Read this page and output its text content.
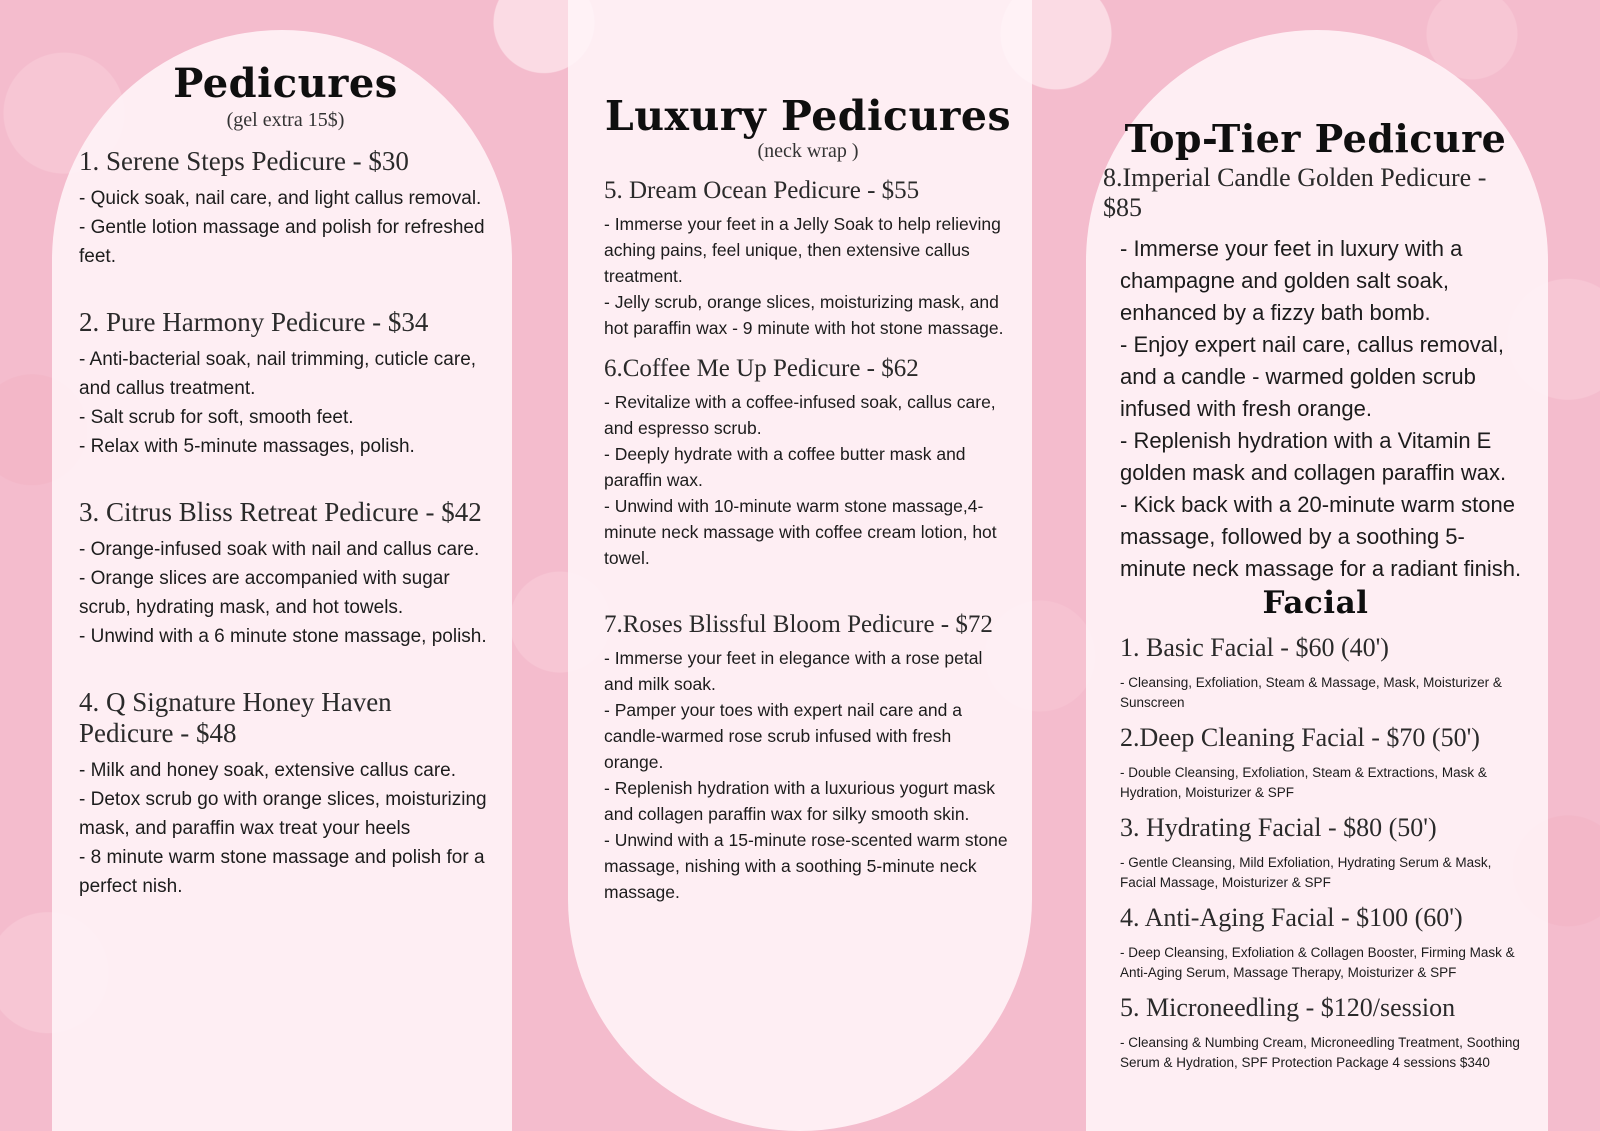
Pedicures

(gel extra 15$)

1. Serene Steps Pedicure - $30

- Quick soak, nail care, and light callus removal.

- Gentle lotion massage and polish for refreshed feet.

2. Pure Harmony Pedicure - $34

- Anti-bacterial soak, nail trimming, cuticle care, and callus treatment.

- Salt scrub for soft, smooth feet.

- Relax with 5-minute massages, polish.

3. Citrus Bliss Retreat Pedicure - $42

- Orange-infused soak with nail and callus care.

- Orange slices are accompanied with sugar scrub, hydrating mask, and hot towels.

- Unwind with a 6 minute stone massage, polish.

4. Q Signature Honey Haven Pedicure - $48

- Milk and honey soak, extensive callus care.

- Detox scrub go with orange slices, moisturizing mask, and paraffin wax treat your heels

- 8 minute warm stone massage and polish for a perfect nish.

Luxury Pedicures

(neck wrap )

5. Dream Ocean Pedicure - $55

- Immerse your feet in a Jelly Soak to help relieving aching pains, feel unique, then extensive callus treatment.

- Jelly scrub, orange slices, moisturizing mask, and hot paraffin wax - 9 minute with hot stone massage.

6.Coffee Me Up Pedicure - $62

- Revitalize with a coffee-infused soak, callus care, and espresso scrub.

- Deeply hydrate with a coffee butter mask and paraffin wax.

- Unwind with 10-minute warm stone massage,4-minute neck massage with coffee cream lotion, hot towel.

7.Roses Blissful Bloom Pedicure - $72

- Immerse your feet in elegance with a rose petal and milk soak.

- Pamper your toes with expert nail care and a candle-warmed rose scrub infused with fresh orange.

- Replenish hydration with a luxurious yogurt mask and collagen paraffin wax for silky smooth skin.

- Unwind with a 15-minute rose-scented warm stone massage, nishing with a soothing 5-minute neck massage.

Top-Tier Pedicure
8.Imperial Candle Golden Pedicure - $85

- Immerse your feet in luxury with a champagne and golden salt soak, enhanced by a fizzy bath bomb.

- Enjoy expert nail care, callus removal, and a candle - warmed golden scrub infused with fresh orange.

- Replenish hydration with a Vitamin E golden mask and collagen paraffin wax.

- Kick back with a 20-minute warm stone massage, followed by a soothing 5-minute neck massage for a radiant finish.

Facial
1. Basic Facial - $60 (40')

- Cleansing, Exfoliation, Steam & Massage, Mask, Moisturizer & Sunscreen

2.Deep Cleaning Facial - $70 (50')

- Double Cleansing, Exfoliation, Steam & Extractions, Mask & Hydration, Moisturizer & SPF

3. Hydrating Facial - $80 (50')

- Gentle Cleansing, Mild Exfoliation, Hydrating Serum & Mask, Facial Massage, Moisturizer & SPF

4. Anti-Aging Facial - $100 (60')

- Deep Cleansing, Exfoliation & Collagen Booster, Firming Mask & Anti-Aging Serum, Massage Therapy, Moisturizer & SPF

5. Microneedling - $120/session

- Cleansing & Numbing Cream, Microneedling Treatment, Soothing Serum & Hydration, SPF Protection Package 4 sessions $340
